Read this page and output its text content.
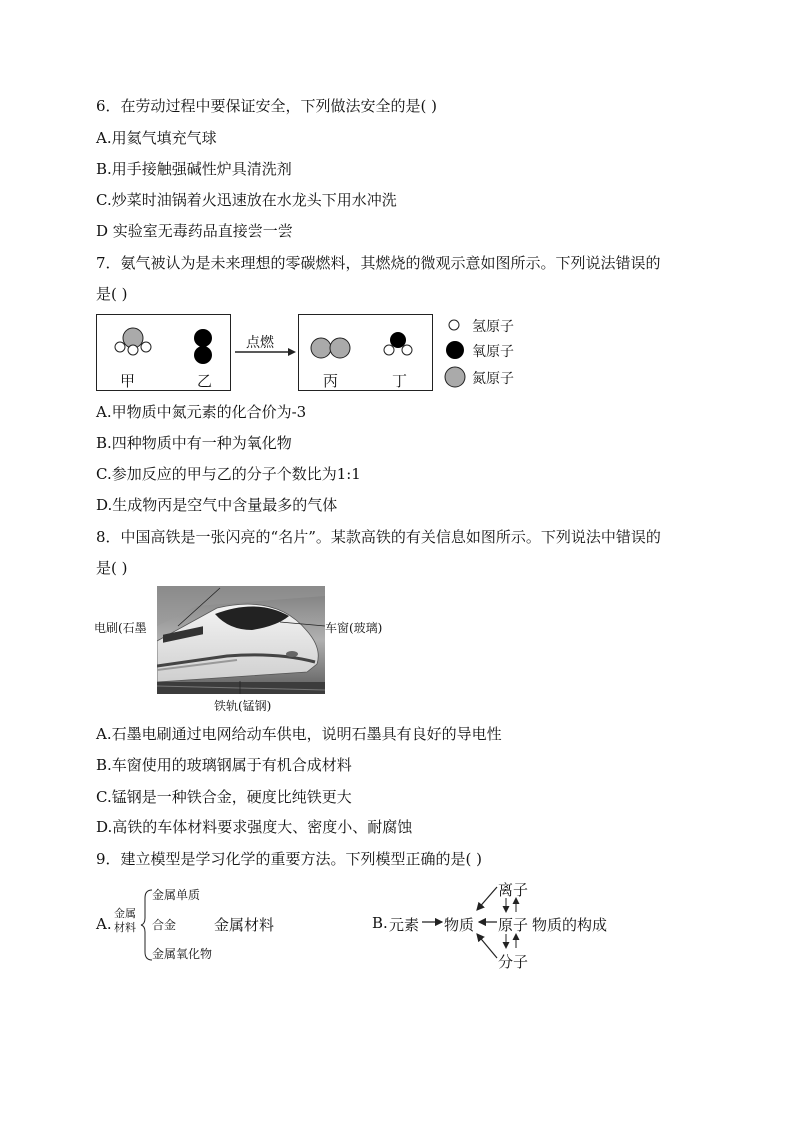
6．在劳动过程中要保证安全，下列做法安全的是( )
A.用氦气填充气球
B.用手接触强碱性炉具清洗剂
C.炒菜时油锅着火迅速放在水龙头下用水冲洗
D 实验室无毒药品直接尝一尝
7．氨气被认为是未来理想的零碳燃料，其燃烧的微观示意如图所示。下列说法错误的
是( )
甲	乙
点燃
丙	丁
氢原子
氧原子
氮原子
A.甲物质中氮元素的化合价为-3
B.四种物质中有一种为氧化物
C.参加反应的甲与乙的分子个数比为1:1
D.生成物丙是空气中含量最多的气体
8．中国高铁是一张闪亮的“名片”。某款高铁的有关信息如图所示。下列说法中错误的
是( )
电刷(石墨	车窗(玻璃)
铁轨(锰钢)
A.石墨电刷通过电网给动车供电，说明石墨具有良好的导电性
B.车窗使用的玻璃钢属于有机合成材料
C.锰钢是一种铁合金，硬度比纯铁更大
D.高铁的车体材料要求强度大、密度小、耐腐蚀
9．建立模型是学习化学的重要方法。下列模型正确的是( )
A.
金属
材料
金属单质
合金
金属氧化物
金属材料	B. 元素 物质
离子
原子
分子
物质的构成
